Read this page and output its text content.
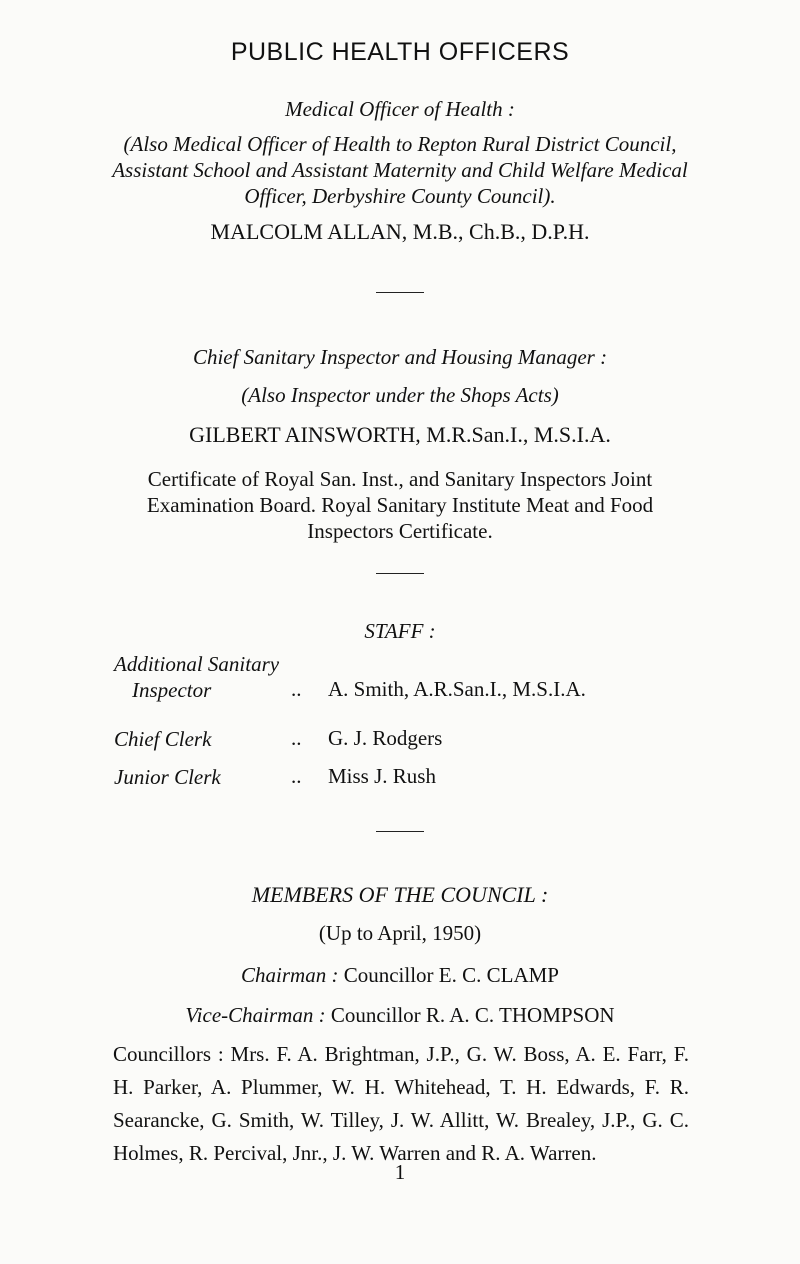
PUBLIC HEALTH OFFICERS
Medical Officer of Health :
(Also Medical Officer of Health to Repton Rural District Council, Assistant School and Assistant Maternity and Child Welfare Medical Officer, Derbyshire County Council).
MALCOLM ALLAN, M.B., Ch.B., D.P.H.
Chief Sanitary Inspector and Housing Manager :
(Also Inspector under the Shops Acts)
GILBERT AINSWORTH, M.R.San.I., M.S.I.A.
Certificate of Royal San. Inst., and Sanitary Inspectors Joint Examination Board. Royal Sanitary Institute Meat and Food Inspectors Certificate.
STAFF :
Additional Sanitary
Inspector	.. A. Smith, A.R.San.I., M.S.I.A.
Chief Clerk	.. G. J. Rodgers
Junior Clerk	.. Miss J. Rush
MEMBERS OF THE COUNCIL :
(Up to April, 1950)
Chairman : Councillor E. C. CLAMP
Vice-Chairman : Councillor R. A. C. THOMPSON
Councillors : Mrs. F. A. Brightman, J.P., G. W. Boss, A. E. Farr, F. H. Parker, A. Plummer, W. H. Whitehead, T. H. Edwards, F. R. Searancke, G. Smith, W. Tilley, J. W. Allitt, W. Brealey, J.P., G. C. Holmes, R. Percival, Jnr., J. W. Warren and R. A. Warren.
1
